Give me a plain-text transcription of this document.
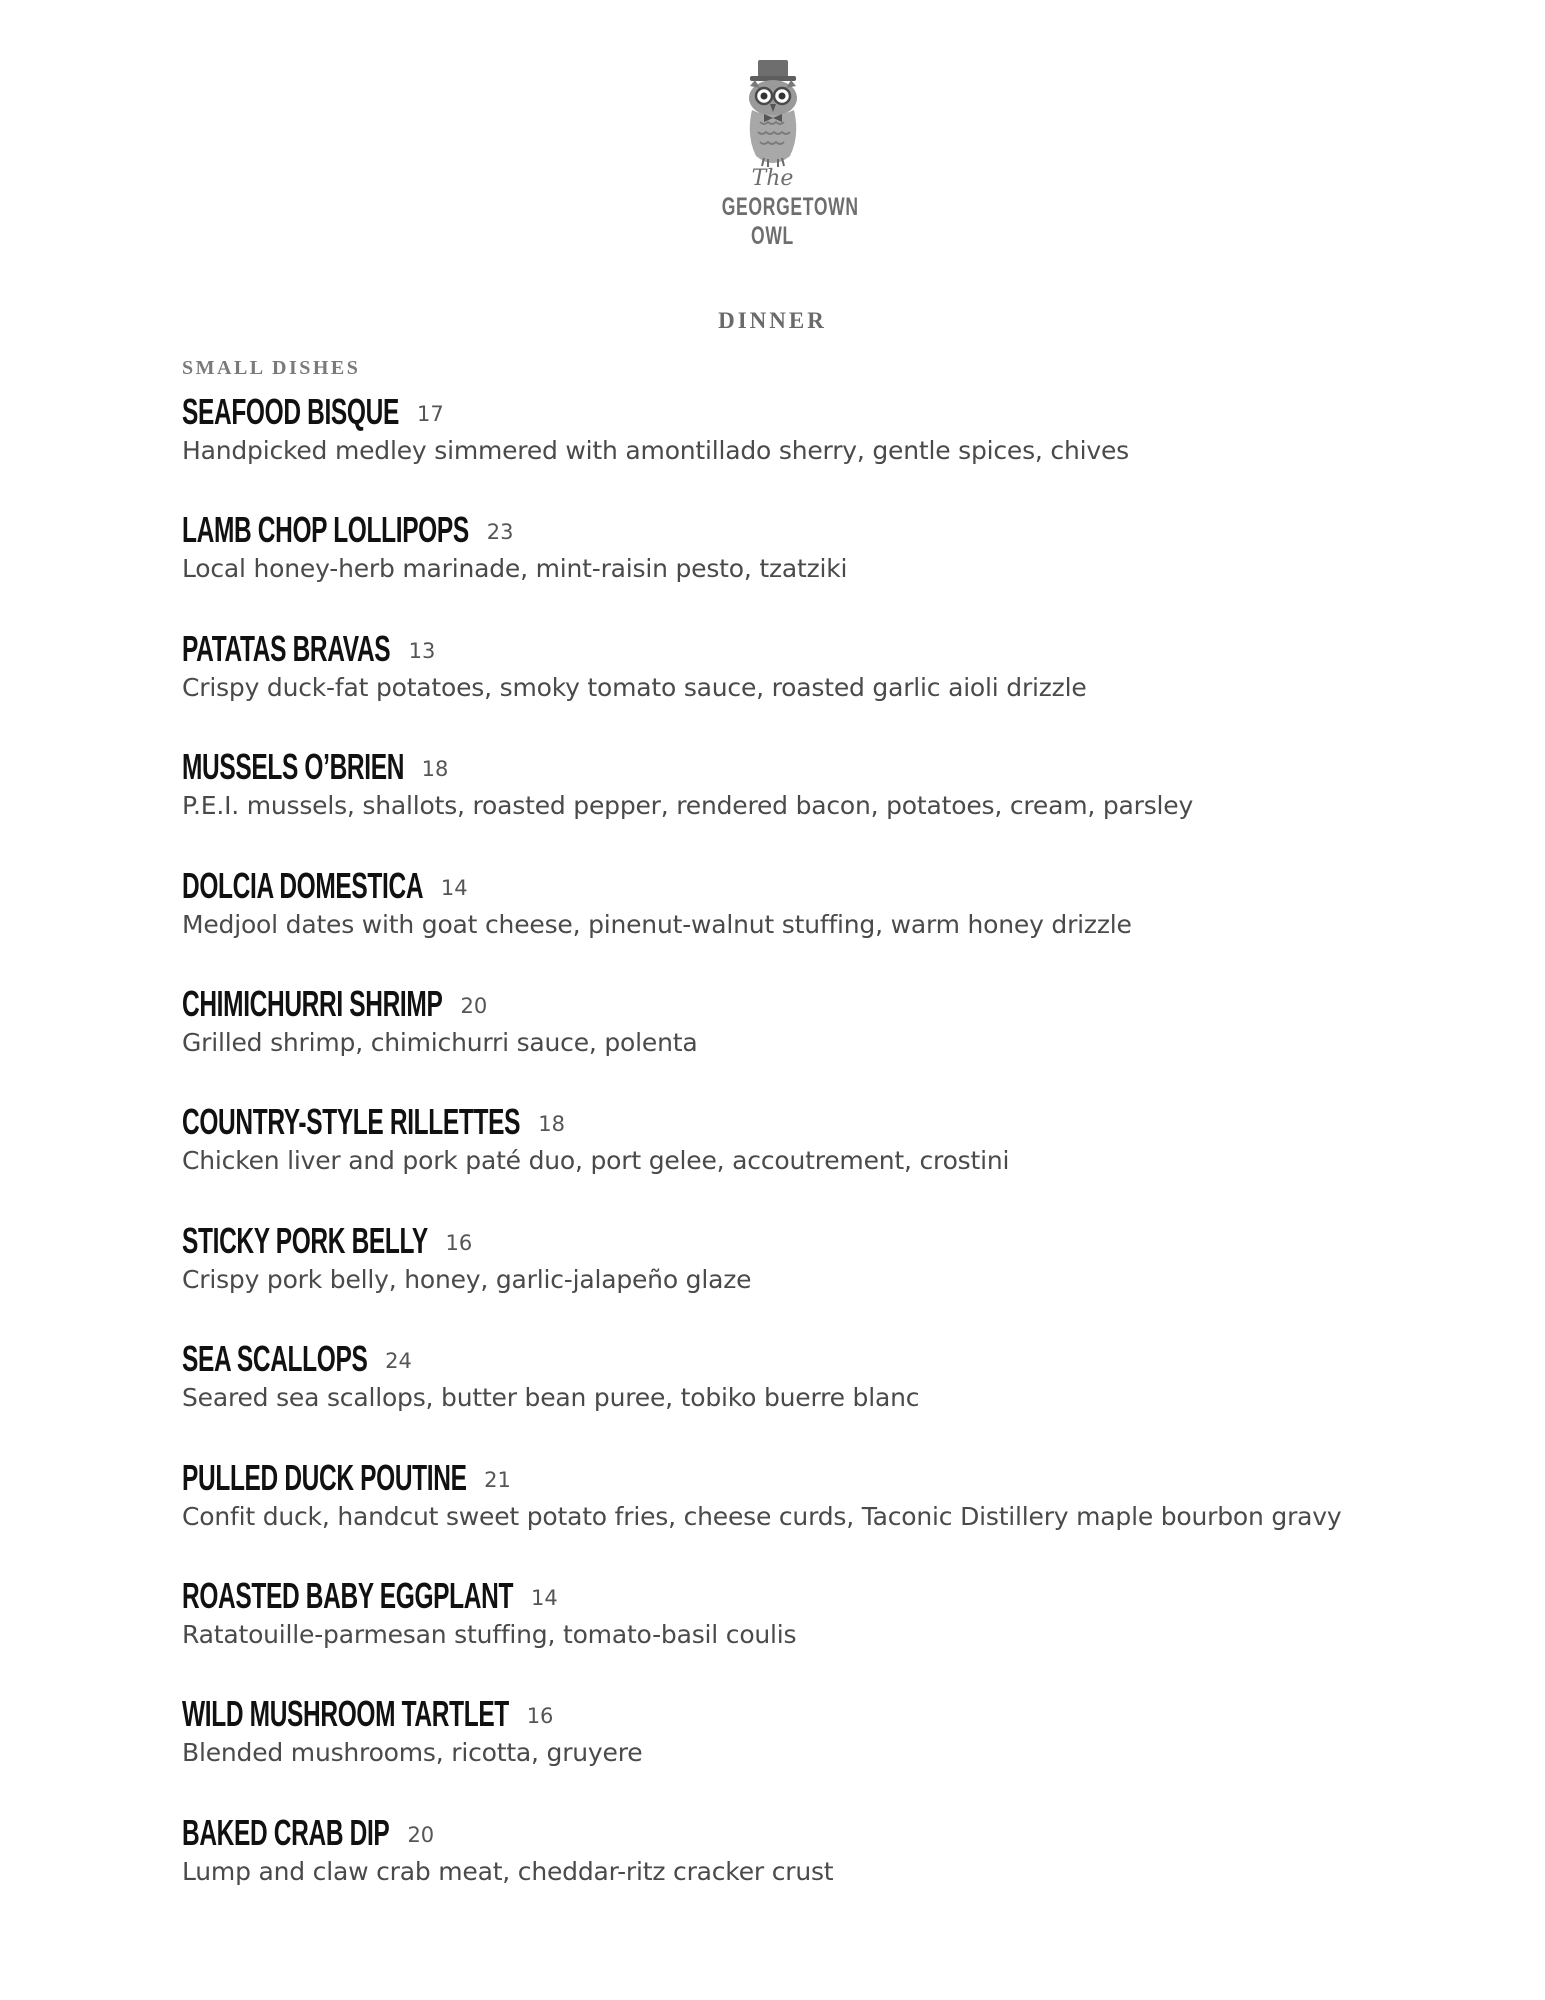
The
GEORGETOWN
OWL
DINNER
SMALL DISHES
SEAFOOD BISQUE 17
Handpicked medley simmered with amontillado sherry, gentle spices, chives
LAMB CHOP LOLLIPOPS 23
Local honey-herb marinade, mint-raisin pesto, tzatziki
PATATAS BRAVAS 13
Crispy duck-fat potatoes, smoky tomato sauce, roasted garlic aioli drizzle
MUSSELS O’BRIEN 18
P.E.I. mussels, shallots, roasted pepper, rendered bacon, potatoes, cream, parsley
DOLCIA DOMESTICA 14
Medjool dates with goat cheese, pinenut-walnut stuffing, warm honey drizzle
CHIMICHURRI SHRIMP 20
Grilled shrimp, chimichurri sauce, polenta
COUNTRY-STYLE RILLETTES 18
Chicken liver and pork paté duo, port gelee, accoutrement, crostini
STICKY PORK BELLY 16
Crispy pork belly, honey, garlic-jalapeño glaze
SEA SCALLOPS 24
Seared sea scallops, butter bean puree, tobiko buerre blanc
PULLED DUCK POUTINE 21
Confit duck, handcut sweet potato fries, cheese curds, Taconic Distillery maple bourbon gravy
ROASTED BABY EGGPLANT 14
Ratatouille-parmesan stuffing, tomato-basil coulis
WILD MUSHROOM TARTLET 16
Blended mushrooms, ricotta, gruyere
BAKED CRAB DIP 20
Lump and claw crab meat, cheddar-ritz cracker crust
